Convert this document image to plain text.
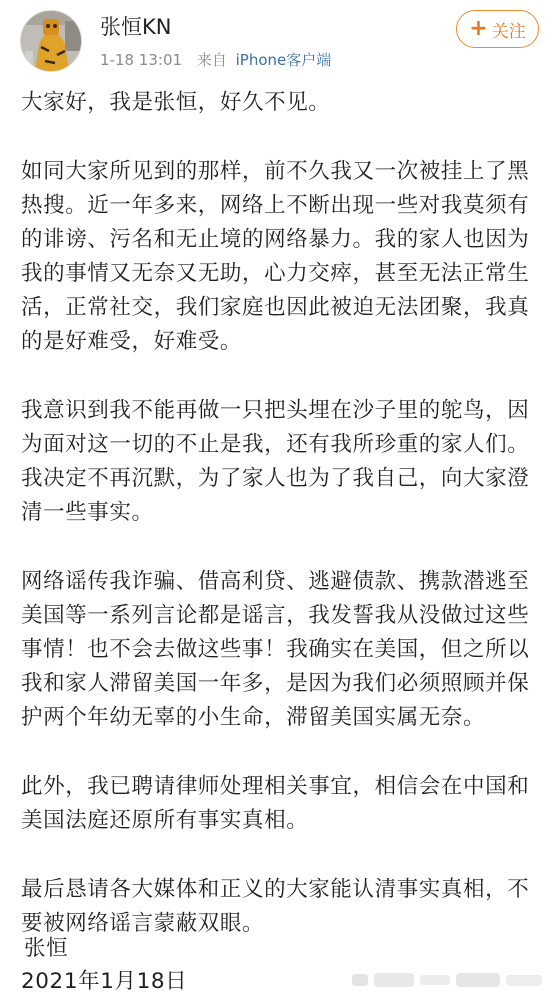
张恒KN
1-18 13:01 来自 iPhone客户端
+ 关注

大家好，我是张恒，好久不见。

如同大家所见到的那样，前不久我又一次被挂上了黑热搜。近一年多来，网络上不断出现一些对我莫须有的诽谤、污名和无止境的网络暴力。我的家人也因为我的事情又无奈又无助，心力交瘁，甚至无法正常生活，正常社交，我们家庭也因此被迫无法团聚，我真的是好难受，好难受。

我意识到我不能再做一只把头埋在沙子里的鸵鸟，因为面对这一切的不止是我，还有我所珍重的家人们。我决定不再沉默，为了家人也为了我自己，向大家澄清一些事实。

网络谣传我诈骗、借高利贷、逃避债款、携款潜逃至美国等一系列言论都是谣言，我发誓我从没做过这些事情！也不会去做这些事！我确实在美国，但之所以我和家人滞留美国一年多，是因为我们必须照顾并保护两个年幼无辜的小生命，滞留美国实属无奈。

此外，我已聘请律师处理相关事宜，相信会在中国和美国法庭还原所有事实真相。

最后恳请各大媒体和正义的大家能认清事实真相，不要被网络谣言蒙蔽双眼。

张恒
2021年1月18日
